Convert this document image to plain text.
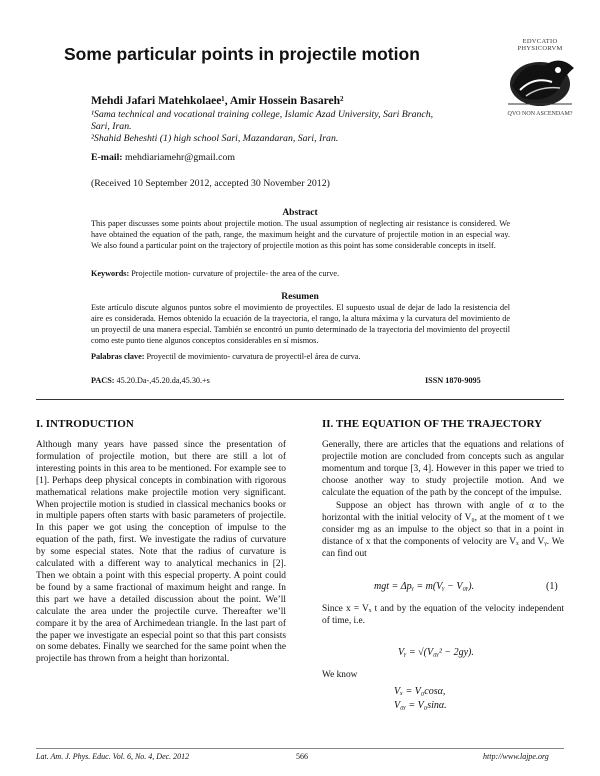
Some particular points in projectile motion
EDVCATIO PHYSICORVM
QVO NON ASCENDAM?
Mehdi Jafari Matehkolaee¹, Amir Hossein Basareh²
¹Sama technical and vocational training college, Islamic Azad University, Sari Branch,
Sari, Iran.
²Shahid Beheshti (1) high school Sari, Mazandaran, Sari, Iran.
E-mail: mehdiariamehr@gmail.com
(Received 10 September 2012, accepted 30 November 2012)
Abstract
This paper discusses some points about projectile motion. The usual assumption of neglecting air resistance is considered. We have obtained the equation of the path, range, the maximum height and the curvature of projectile motion in an especial way. We also found a particular point on the trajectory of projectile motion as this point has some considerable concepts in itself.
Keywords: Projectile motion- curvature of projectile- the area of the curve.
Resumen
Este artículo discute algunos puntos sobre el movimiento de proyectiles. El supuesto usual de dejar de lado la resistencia del aire es considerada. Hemos obtenido la ecuación de la trayectoria, el rango, la altura máxima y la curvatura del movimiento de un proyectil de una manera especial. También se encontró un punto determinado de la trayectoria del movimiento del proyectil como este punto tiene algunos conceptos considerables en sí mismos.
Palabras clave: Proyectil de movimiento- curvatura de proyectil-el área de curva.
PACS: 45.20.Da-,45.20.da,45.30.+s	ISSN 1870-9095
I. INTRODUCTION
Although many years have passed since the presentation of formulation of projectile motion, but there are still a lot of interesting points in this area to be mentioned. For example see to [1]. Perhaps deep physical concepts in combination with rigorous mathematical relations make projectile motion very significant. When projectile motion is studied in classical mechanics books or in multiple papers often starts with basic parameters of projectile. In this paper we got using the conception of impulse to the equation of the path, first. We investigate the radius of curvature by some especial states. Note that the radius of curvature is calculated with a different way to analytical mechanics in [2]. Then we obtain a point with this especial property. A point could be found by a same fractional of maximum height and range. In this part we have a detailed discussion about the point. We’ll calculate the area under the projectile curve. Thereafter we’ll compare it by the area of Archimedean triangle. In the last part of the paper we investigate an especial point so that this part consists on some debates. Finally we searched for the same point when the projectile has thrown from a height than horizontal.
II. THE EQUATION OF THE TRAJECTORY
Generally, there are articles that the equations and relations of projectile motion are concluded from concepts such as angular momentum and torque [3, 4]. However in this paper we tried to choose another way to study projectile motion. And we calculate the equation of the path by the concept of the impulse.
Suppose an object has thrown with angle of α to the horizontal with the initial velocity of V₀, at the moment of t we consider mg as an impulse to the object so that in a point in distance of x that the components of velocity are Vₓ and Vᵧ. We can find out
mgt = Δpᵧ = m(Vᵧ − V₀ᵧ).	(1)
Since x = Vₓ t and by the equation of the velocity independent of time, i.e.
Vᵧ = √(V₀ᵧ² − 2gy).
We know
Vₓ = V₀cosα,
V₀ᵧ = V₀sinα.
Lat. Am. J. Phys. Educ. Vol. 6, No. 4, Dec. 2012	566	http://www.lajpe.org
